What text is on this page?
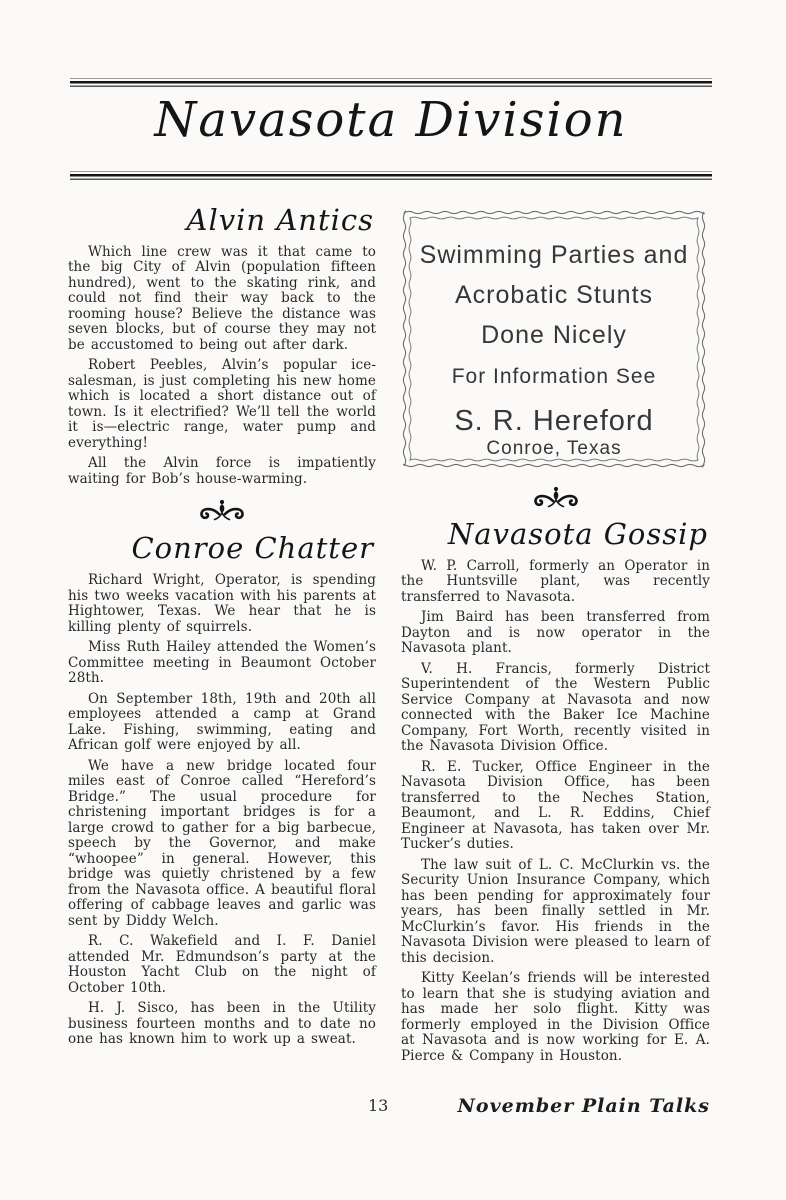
Navasota Division
Alvin Antics

Which line crew was it that came to the big City of Alvin (population fifteen hundred), went to the skating rink, and could not find their way back to the rooming house? Believe the distance was seven blocks, but of course they may not be accustomed to being out after dark.

Robert Peebles, Alvin’s popular ice-salesman, is just completing his new home which is located a short distance out of town. Is it electrified? We’ll tell the world it is—electric range, water pump and everything!

All the Alvin force is impatiently waiting for Bob’s house-warming.

Conroe Chatter

Richard Wright, Operator, is spending his two weeks vacation with his parents at Hightower, Texas. We hear that he is killing plenty of squirrels.

Miss Ruth Hailey attended the Women’s Committee meeting in Beaumont October 28th.

On September 18th, 19th and 20th all employees attended a camp at Grand Lake. Fishing, swimming, eating and African golf were enjoyed by all.

We have a new bridge located four miles east of Conroe called “Hereford’s Bridge.” The usual procedure for christening important bridges is for a large crowd to gather for a big barbecue, speech by the Governor, and make “whoopee” in general. However, this bridge was quietly christened by a few from the Navasota office. A beautiful floral offering of cabbage leaves and garlic was sent by Diddy Welch.

R. C. Wakefield and I. F. Daniel attended Mr. Edmundson’s party at the Houston Yacht Club on the night of October 10th.

H. J. Sisco, has been in the Utility business fourteen months and to date no one has known him to work up a sweat.

Swimming Parties and
Acrobatic Stunts
Done Nicely
For Information See
S. R. Hereford
Conroe, Texas
Navasota Gossip

W. P. Carroll, formerly an Operator in the Huntsville plant, was recently transferred to Navasota.

Jim Baird has been transferred from Dayton and is now operator in the Navasota plant.

V. H. Francis, formerly District Superintendent of the Western Public Service Company at Navasota and now connected with the Baker Ice Machine Company, Fort Worth, recently visited in the Navasota Division Office.

R. E. Tucker, Office Engineer in the Navasota Division Office, has been transferred to the Neches Station, Beaumont, and L. R. Eddins, Chief Engineer at Navasota, has taken over Mr. Tucker’s duties.

The law suit of L. C. McClurkin vs. the Security Union Insurance Company, which has been pending for approximately four years, has been finally settled in Mr. McClurkin’s favor. His friends in the Navasota Division were pleased to learn of this decision.

Kitty Keelan’s friends will be interested to learn that she is studying aviation and has made her solo flight. Kitty was formerly employed in the Division Office at Navasota and is now working for E. A. Pierce & Company in Houston.

13	November Plain Talks
